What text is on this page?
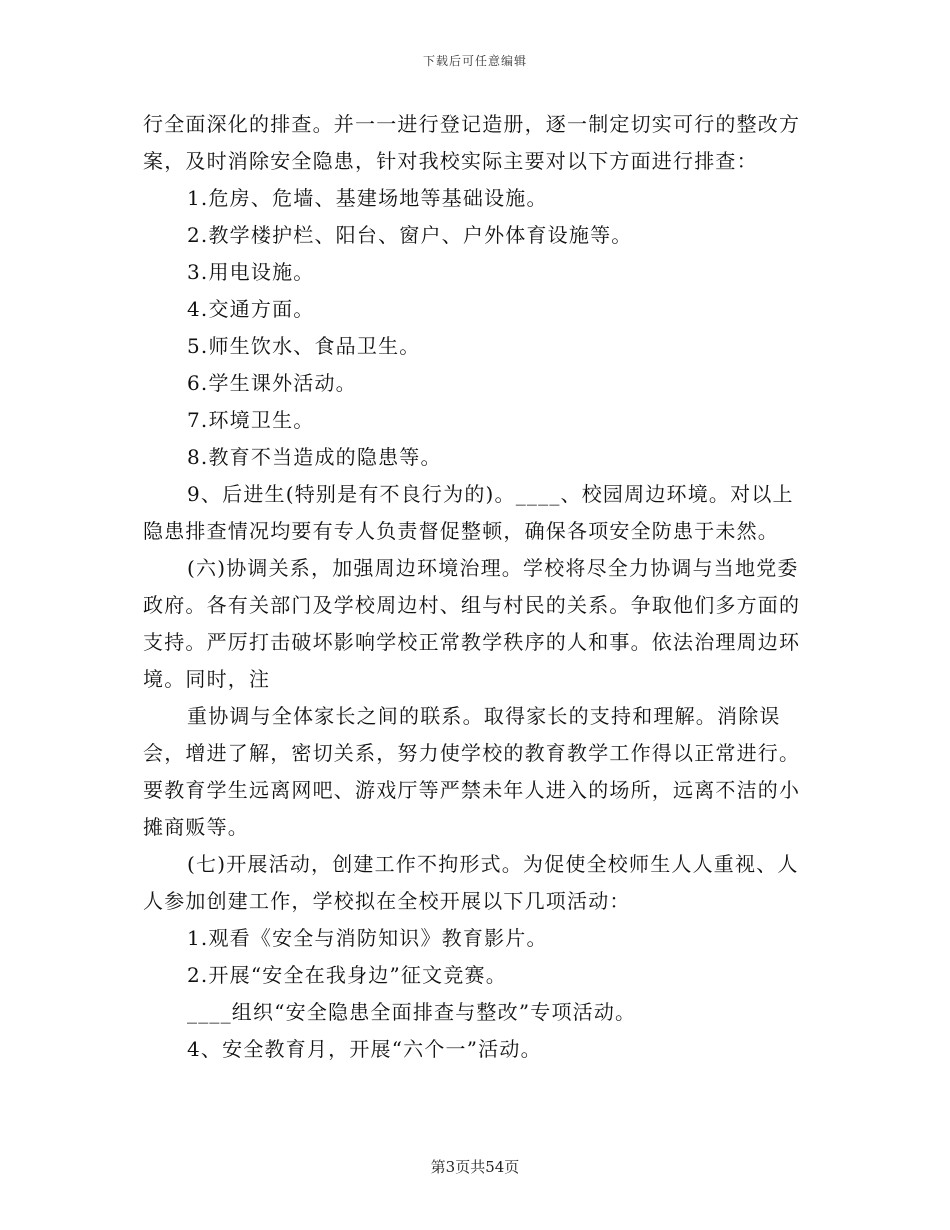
下载后可任意编辑

行全面深化的排查。并一一进行登记造册，逐一制定切实可行的整改方案，及时消除安全隐患，针对我校实际主要对以下方面进行排查：

1.危房、危墙、基建场地等基础设施。

2.教学楼护栏、阳台、窗户、户外体育设施等。

3.用电设施。

4.交通方面。

5.师生饮水、食品卫生。

6.学生课外活动。

7.环境卫生。

8.教育不当造成的隐患等。

9、后进生(特别是有不良行为的)。____、校园周边环境。对以上隐患排查情况均要有专人负责督促整顿，确保各项安全防患于未然。

(六)协调关系，加强周边环境治理。学校将尽全力协调与当地党委政府。各有关部门及学校周边村、组与村民的关系。争取他们多方面的支持。严厉打击破坏影响学校正常教学秩序的人和事。依法治理周边环境。同时，注

重协调与全体家长之间的联系。取得家长的支持和理解。消除误会，增进了解，密切关系，努力使学校的教育教学工作得以正常进行。要教育学生远离网吧、游戏厅等严禁未年人进入的场所，远离不洁的小摊商贩等。

(七)开展活动，创建工作不拘形式。为促使全校师生人人重视、人人参加创建工作，学校拟在全校开展以下几项活动：

1.观看《安全与消防知识》教育影片。

2.开展“安全在我身边”征文竞赛。

____组织“安全隐患全面排查与整改”专项活动。

4、安全教育月，开展“六个一”活动。

第3页共54页
